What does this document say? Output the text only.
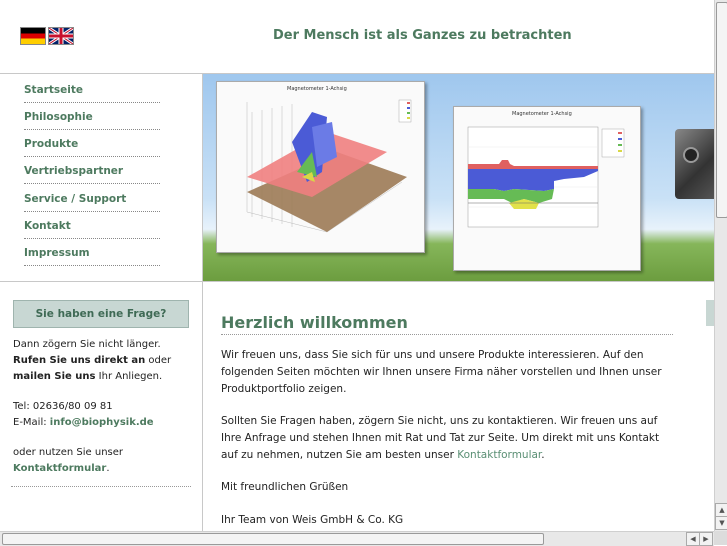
Der Mensch ist als Ganzes zu betrachten
Startseite
Philosophie
Produkte
Vertriebspartner
Service / Support
Kontakt
Impressum
Magnetometer 1-Achsig
Magnetometer 1-Achsig
Sie haben eine Frage?
Dann zögern Sie nicht länger.
Rufen Sie uns direkt an oder
mailen Sie uns Ihr Anliegen.
Tel: 02636/80 09 81
E-Mail: info@biophysik.de
oder nutzen Sie unser
Kontaktformular.
Herzlich willkommen
Wir freuen uns, dass Sie sich für uns und unsere Produkte interessieren. Auf den folgenden Seiten möchten wir Ihnen unsere Firma näher vorstellen und Ihnen unser Produktportfolio zeigen.
Sollten Sie Fragen haben, zögern Sie nicht, uns zu kontaktieren. Wir freuen uns auf Ihre Anfrage und stehen Ihnen mit Rat und Tat zur Seite. Um direkt mit uns Kontakt auf zu nehmen, nutzen Sie am besten unser Kontaktformular.
Mit freundlichen Grüßen
Ihr Team von Weis GmbH & Co. KG
▲
▼
◀	▶
